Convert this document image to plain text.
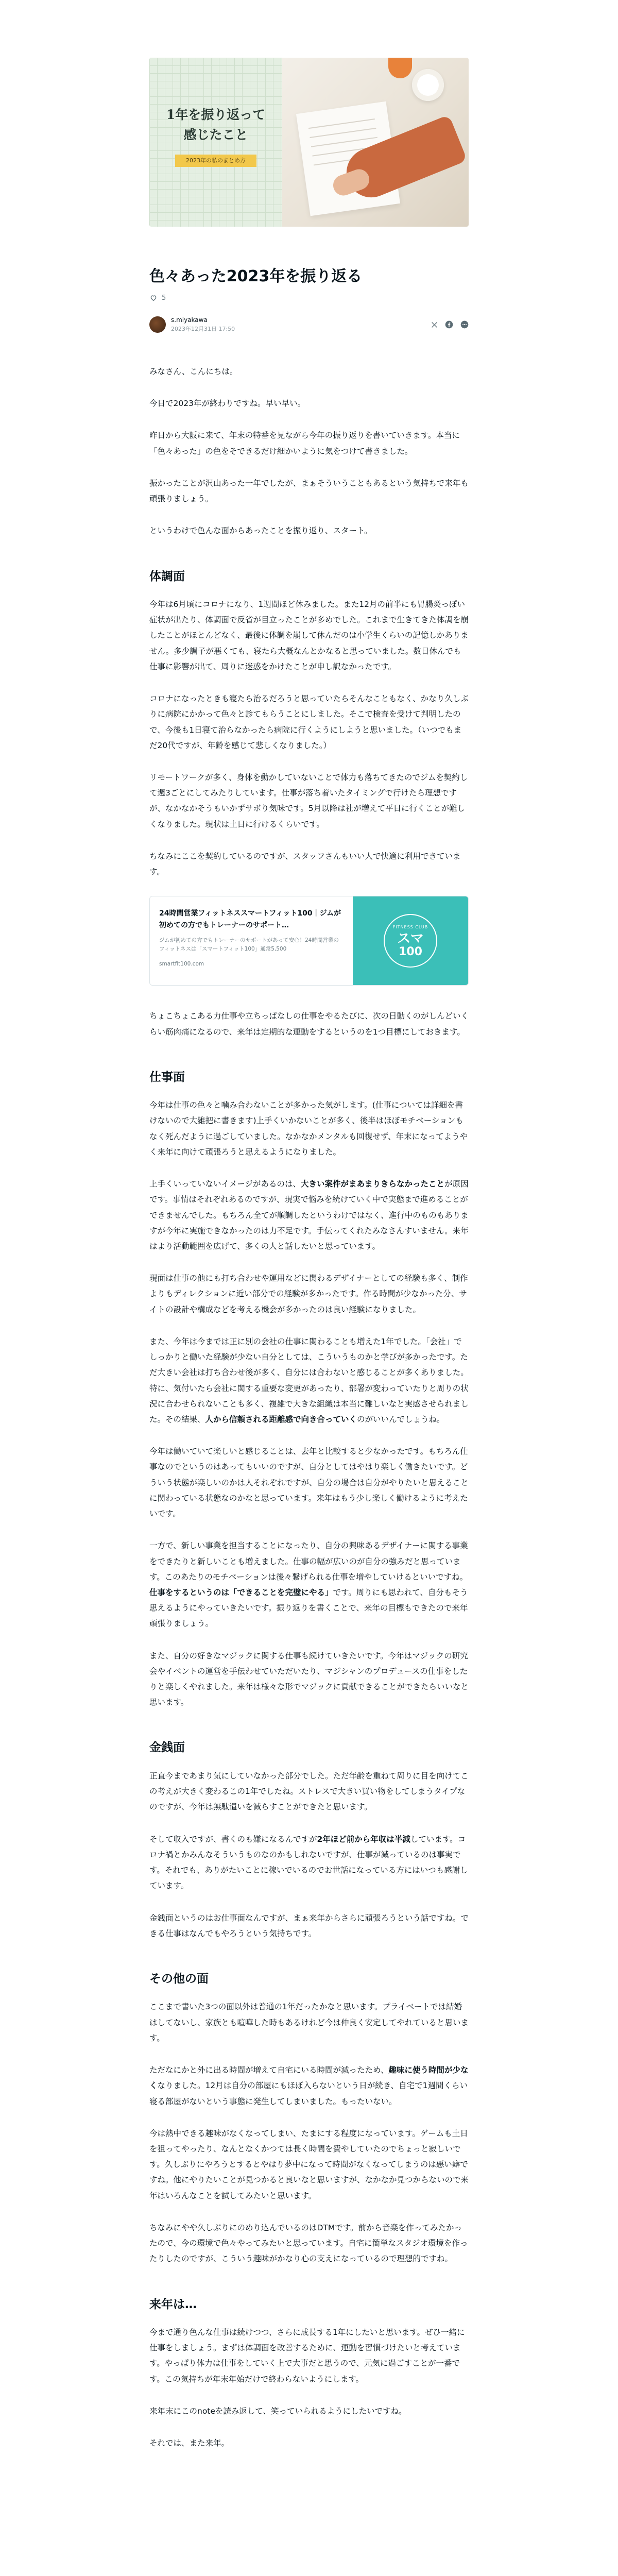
1年を振り返って
感じたこと
2023年の私のまとめ方
色々あった2023年を振り返る
5
s.miyakawa
2023年12月31日 17:50

みなさん、こんにちは。

今日で2023年が終わりですね。早い早い。

昨日から大阪に来て、年末の特番を見ながら今年の振り返りを書いていきます。本当に「色々あった」の色をそできるだけ細かいように気をつけて書きました。

振かったことが沢山あった一年でしたが、まぁそういうこともあるという気持ちで来年も頑張りましょう。

というわけで色んな面からあったことを振り返り、スタート。

体調面

今年は6月頃にコロナになり、1週間ほど休みました。また12月の前半にも胃腸炎っぽい症状が出たり、体調面で反省が目立ったことが多めでした。これまで生きてきた体調を崩したことがほとんどなく、最後に体調を崩して休んだのは小学生くらいの記憶しかありません。多少調子が悪くても、寝たら大概なんとかなると思っていました。数日休んでも仕事に影響が出て、周りに迷惑をかけたことが申し訳なかったです。

コロナになったときも寝たら治るだろうと思っていたらそんなこともなく、かなり久しぶりに病院にかかって色々と診てもらうことにしました。そこで検査を受けて判明したので、今後も1日寝て治らなかったら病院に行くようにしようと思いました。（いつでもまだ20代ですが、年齢を感じて悲しくなりました。）

リモートワークが多く、身体を動かしていないことで体力も落ちてきたのでジムを契約して週3ごとにしてみたりしています。仕事が落ち着いたタイミングで行けたら理想ですが、なかなかそうもいかずサボり気味です。5月以降は社が増えて平日に行くことが難しくなりました。現状は土日に行けるくらいです。

ちなみにここを契約しているのですが、スタッフさんもいい人で快適に利用できています。

24時間営業フィットネススマートフィット100｜ジムが初めての方でもトレーナーのサポート…
ジムが初めての方でもトレーナーのサポートがあって安心！24時間営業のフィットネスは「スマートフィット100」通常5,500
smartfit100.com
FITNESS CLUB
スマ
100

ちょこちょこある力仕事や立ちっぱなしの仕事をやるたびに、次の日動くのがしんどいくらい筋肉痛になるので、来年は定期的な運動をするというのを1つ目標にしておきます。

仕事面

今年は仕事の色々と噛み合わないことが多かった気がします。(仕事については詳細を書けないので大雑把に書きます)上手くいかないことが多く、後半はほぼモチベーションもなく死んだように過ごしていました。なかなかメンタルも回復せず、年末になってようやく来年に向けて頑張ろうと思えるようになりました。

上手くいっていないイメージがあるのは、大きい案件がまあまりきらなかったことが原因です。事情はそれぞれあるのですが、現実で悩みを続けていく中で実態まで進めることができませんでした。もちろん全てが順調したというわけではなく、進行中のものもありますが今年に実施できなかったのは力不足です。手伝ってくれたみなさんすいません。来年はより活動範囲を広げて、多くの人と話したいと思っています。

現面は仕事の他にも打ち合わせや運用などに関わるデザイナーとしての経験も多く、制作よりもディレクションに近い部分での経験が多かったです。作る時間が少なかった分、サイトの設計や構成などを考える機会が多かったのは良い経験になりました。

また、今年は今までは正に別の会社の仕事に関わることも増えた1年でした。「会社」でしっかりと働いた経験が少ない自分としては、こういうものかと学びが多かったです。ただ大きい会社は打ち合わせ後が多く、自分には合わないと感じることが多くありました。特に、気付いたら会社に関する重要な変更があったり、部署が変わっていたりと周りの状況に合わせられないことも多く、複雑で大きな組織は本当に難しいなと実感させられました。その結果、人から信頼される距離感で向き合っていくのがいいんでしょうね。

今年は働いていて楽しいと感じることは、去年と比較すると少なかったです。もちろん仕事なのでというのはあってもいいのですが、自分としてはやはり楽しく働きたいです。どういう状態が楽しいのかは人それぞれですが、自分の場合は自分がやりたいと思えることに関わっている状態なのかなと思っています。来年はもう少し楽しく働けるように考えたいです。

一方で、新しい事業を担当することになったり、自分の興味あるデザイナーに関する事業をできたりと新しいことも増えました。仕事の幅が広いのが自分の強みだと思っています。このあたりのモチベーションは後々繋げられる仕事を増やしていけるといいですね。仕事をするというのは「できることを完璧にやる」です。周りにも思われて、自分もそう思えるようにやっていきたいです。振り返りを書くことで、来年の目標もできたので来年頑張りましょう。

また、自分の好きなマジックに関する仕事も続けていきたいです。今年はマジックの研究会やイベントの運営を手伝わせていただいたり、マジシャンのプロデュースの仕事をしたりと楽しくやれました。来年は様々な形でマジックに貢献できることができたらいいなと思います。

金銭面

正直今まであまり気にしていなかった部分でした。ただ年齢を重ねて周りに目を向けてこの考えが大きく変わるこの1年でしたね。ストレスで大きい買い物をしてしまうタイプなのですが、今年は無駄遣いを減らすことができたと思います。

そして収入ですが、書くのも嫌になるんですが2年ほど前から年収は半減しています。コロナ禍とかみんなそういうものなのかもしれないですが、仕事が減っているのは事実です。それでも、ありがたいことに稼いでいるのでお世話になっている方にはいつも感謝しています。

金銭面というのはお仕事面なんですが、まぁ来年からさらに頑張ろうという話ですね。できる仕事はなんでもやろうという気持ちです。

その他の面

ここまで書いた3つの面以外は普通の1年だったかなと思います。プライベートでは結婚はしてないし、家族とも喧嘩した時もあるけれど今は仲良く安定してやれていると思います。

ただなにかと外に出る時間が増えて自宅にいる時間が減ったため、趣味に使う時間が少なくなりました。12月は自分の部屋にもほぼ入らないという日が続き、自宅で1週間くらい寝る部屋がないという事態に発生してしまいました。もったいない。

今は熱中できる趣味がなくなってしまい、たまにする程度になっています。ゲームも土日を狙ってやったり、なんとなくかつては長く時間を費やしていたのでちょっと寂しいです。久しぶりにやろうとするとやはり夢中になって時間がなくなってしまうのは悪い癖ですね。他にやりたいことが見つかると良いなと思いますが、なかなか見つからないので来年はいろんなことを試してみたいと思います。

ちなみにやや久しぶりにのめり込んでいるのはDTMです。前から音楽を作ってみたかったので、今の環境で色々やってみたいと思っています。自宅に簡単なスタジオ環境を作ったりしたのですが、こういう趣味がかなり心の支えになっているので理想的ですね。

来年は…

今まで通り色んな仕事は続けつつ、さらに成長する1年にしたいと思います。ぜひ一緒に仕事をしましょう。まずは体調面を改善するために、運動を習慣づけたいと考えています。やっぱり体力は仕事をしていく上で大事だと思うので、元気に過ごすことが一番です。この気持ちが年末年始だけで終わらないようにします。

来年末にこのnoteを読み返して、笑っていられるようにしたいですね。

それでは、また来年。
